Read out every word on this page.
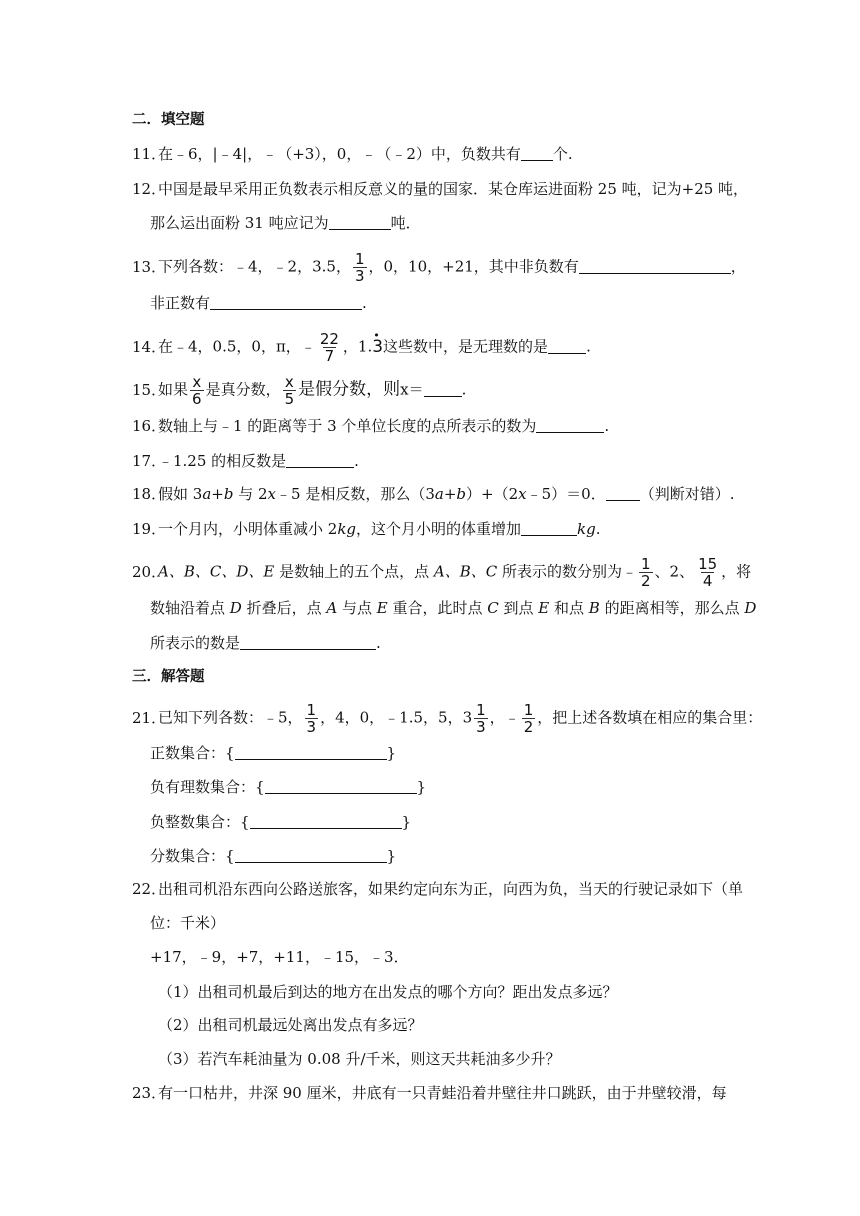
二．填空题
11．在﹣6，|﹣4|，﹣（+3），0，﹣（﹣2）中，负数共有 个.
12．中国是最早采用正负数表示相反意义的量的国家．某仓库运进面粉 25 吨，记为+25 吨，
那么运出面粉 31 吨应记为	吨．
13．下列各数：﹣4，﹣2，3.5， $\frac{1}{3}$ ，0，10，+21，其中非负数有	，
非正数有	.
14．在﹣4，0.5，0，π，﹣ $\frac{22}{7}$ ，1.• 3这些数中，是无理数的是	.
15．如果 $\frac{x}{6}$ 是真分数， $\frac{x}{5}$ 是假分数，则x＝	.
16．数轴上与﹣1 的距离等于 3 个单位长度的点所表示的数为	.
17．﹣1.25 的相反数是	.
18．假如 3a+b 与 2x﹣5 是相反数，那么（3a+b）+（2x﹣5）＝0． （判断对错）.
19．一个月内，小明体重减小 2kg，这个月小明的体重增加	kg.
20．A、B、C、D、E 是数轴上的五个点，点 A、B、C 所表示的数分别为﹣ $\frac{1}{2}$ 、2、 $\frac{15}{4}$ ，将
数轴沿着点 D 折叠后，点 A 与点 E 重合，此时点 C 到点 E 和点 B 的距离相等，那么点 D
所表示的数是	.
三．解答题
21．已知下列各数：﹣5， $\frac{1}{3}$ ，4，0，﹣1.5，5，$3 \frac{1}{3}$ ，﹣ $\frac{1}{2}$ ，把上述各数填在相应的集合里：
正数集合：{	}
负有理数集合：{	}
负整数集合：{	}
分数集合：{	}
22．出租司机沿东西向公路送旅客，如果约定向东为正，向西为负，当天的行驶记录如下（单
位：千米）
+17，﹣9，+7，+11，﹣15，﹣3．
（1）出租司机最后到达的地方在出发点的哪个方向？距出发点多远？
（2）出租司机最远处离出发点有多远？
（3）若汽车耗油量为 0.08 升/千米，则这天共耗油多少升？
23．有一口枯井，井深 90 厘米，井底有一只青蛙沿着井壁往井口跳跃，由于井壁较滑，每
